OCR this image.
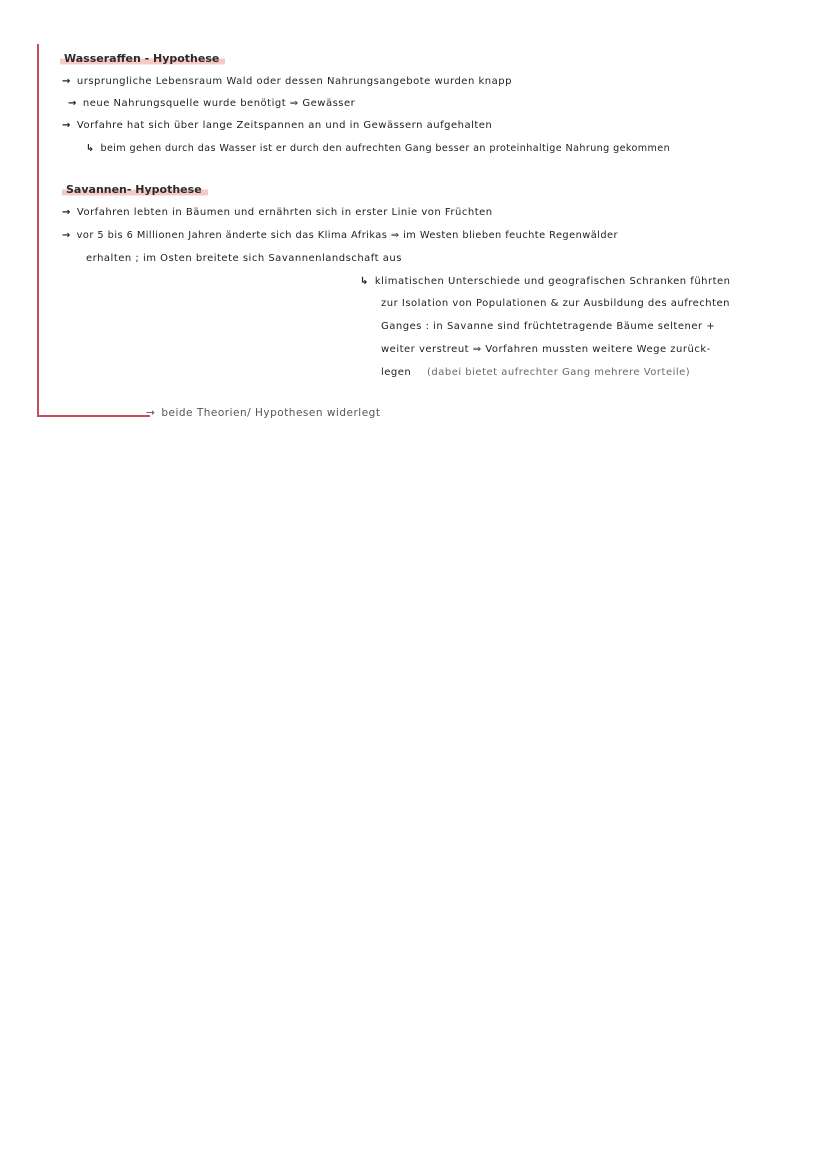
Wasseraffen - Hypothese
→ ursprungliche Lebensraum Wald oder dessen Nahrungsangebote wurden knapp
→ neue Nahrungsquelle wurde benötigt ⇒ Gewässer
→ Vorfahre hat sich über lange Zeitspannen an und in Gewässern aufgehalten
↳ beim gehen durch das Wasser ist er durch den aufrechten Gang besser an proteinhaltige Nahrung gekommen
Savannen- Hypothese
→ Vorfahren lebten in Bäumen und ernährten sich in erster Linie von Früchten
→ vor 5 bis 6 Millionen Jahren änderte sich das Klima Afrikas ⇒ im Westen blieben feuchte Regenwälder
erhalten ; im Osten breitete sich Savannenlandschaft aus
↳ klimatischen Unterschiede und geografischen Schranken führten
zur Isolation von Populationen & zur Ausbildung des aufrechten
Ganges : in Savanne sind früchtetragende Bäume seltener +
weiter verstreut ⇒ Vorfahren mussten weitere Wege zurück-
legen (dabei bietet aufrechter Gang mehrere Vorteile)
→ beide Theorien/ Hypothesen widerlegt
